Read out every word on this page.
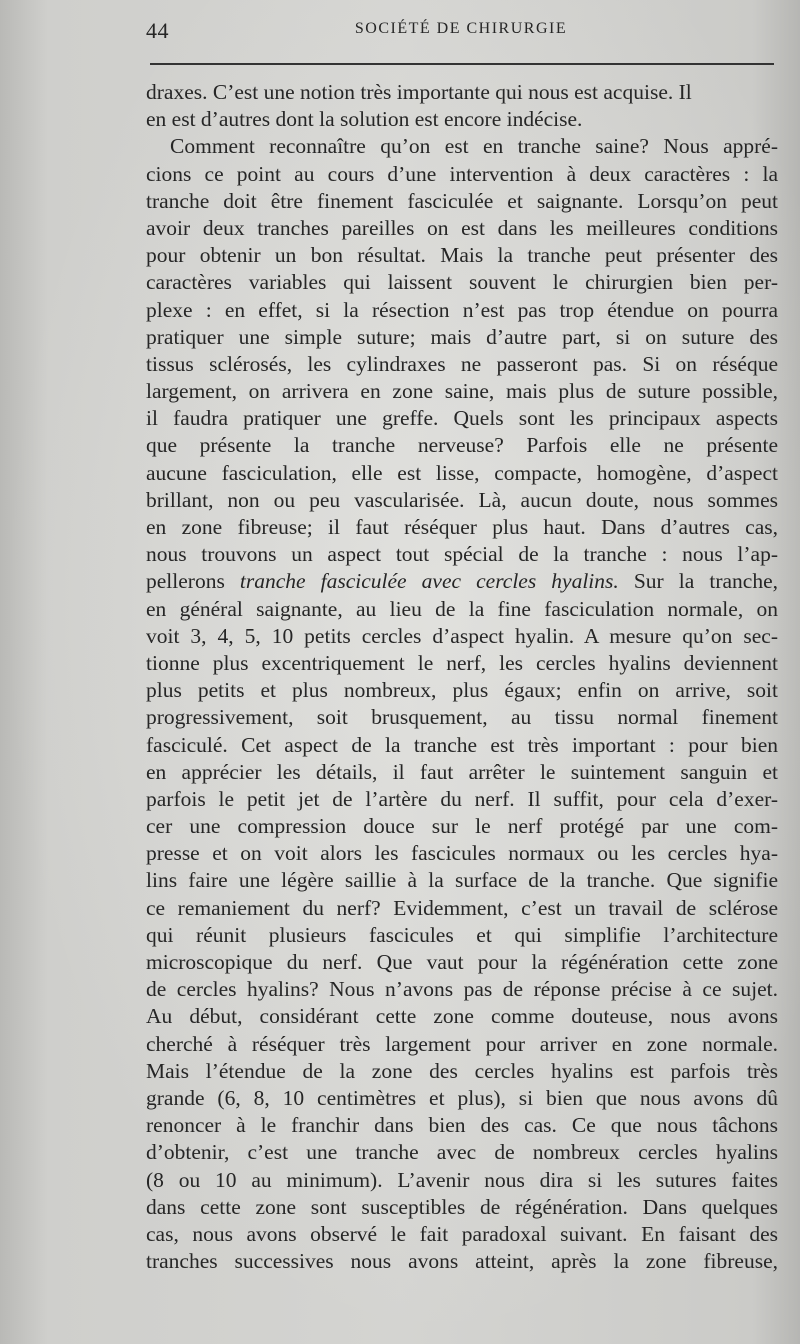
44	SOCIÉTÉ DE CHIRURGIE
draxes. C’est une notion très importante qui nous est acquise. Il
en est d’autres dont la solution est encore indécise.
Comment reconnaître qu’on est en tranche saine? Nous appré-
cions ce point au cours d’une intervention à deux caractères : la
tranche doit être finement fasciculée et saignante. Lorsqu’on peut
avoir deux tranches pareilles on est dans les meilleures conditions
pour obtenir un bon résultat. Mais la tranche peut présenter des
caractères variables qui laissent souvent le chirurgien bien per-
plexe : en effet, si la résection n’est pas trop étendue on pourra
pratiquer une simple suture; mais d’autre part, si on suture des
tissus sclérosés, les cylindraxes ne passeront pas. Si on réséque
largement, on arrivera en zone saine, mais plus de suture possible,
il faudra pratiquer une greffe. Quels sont les principaux aspects
que présente la tranche nerveuse? Parfois elle ne présente
aucune fasciculation, elle est lisse, compacte, homogène, d’aspect
brillant, non ou peu vascularisée. Là, aucun doute, nous sommes
en zone fibreuse; il faut réséquer plus haut. Dans d’autres cas,
nous trouvons un aspect tout spécial de la tranche : nous l’ap-
pellerons tranche fasciculée avec cercles hyalins. Sur la tranche,
en général saignante, au lieu de la fine fasciculation normale, on
voit 3, 4, 5, 10 petits cercles d’aspect hyalin. A mesure qu’on sec-
tionne plus excentriquement le nerf, les cercles hyalins deviennent
plus petits et plus nombreux, plus égaux; enfin on arrive, soit
progressivement, soit brusquement, au tissu normal finement
fasciculé. Cet aspect de la tranche est très important : pour bien
en apprécier les détails, il faut arrêter le suintement sanguin et
parfois le petit jet de l’artère du nerf. Il suffit, pour cela d’exer-
cer une compression douce sur le nerf protégé par une com-
presse et on voit alors les fascicules normaux ou les cercles hya-
lins faire une légère saillie à la surface de la tranche. Que signifie
ce remaniement du nerf? Evidemment, c’est un travail de sclérose
qui réunit plusieurs fascicules et qui simplifie l’architecture
microscopique du nerf. Que vaut pour la régénération cette zone
de cercles hyalins? Nous n’avons pas de réponse précise à ce sujet.
Au début, considérant cette zone comme douteuse, nous avons
cherché à réséquer très largement pour arriver en zone normale.
Mais l’étendue de la zone des cercles hyalins est parfois très
grande (6, 8, 10 centimètres et plus), si bien que nous avons dû
renoncer à le franchir dans bien des cas. Ce que nous tâchons
d’obtenir, c’est une tranche avec de nombreux cercles hyalins
(8 ou 10 au minimum). L’avenir nous dira si les sutures faites
dans cette zone sont susceptibles de régénération. Dans quelques
cas, nous avons observé le fait paradoxal suivant. En faisant des
tranches successives nous avons atteint, après la zone fibreuse,
